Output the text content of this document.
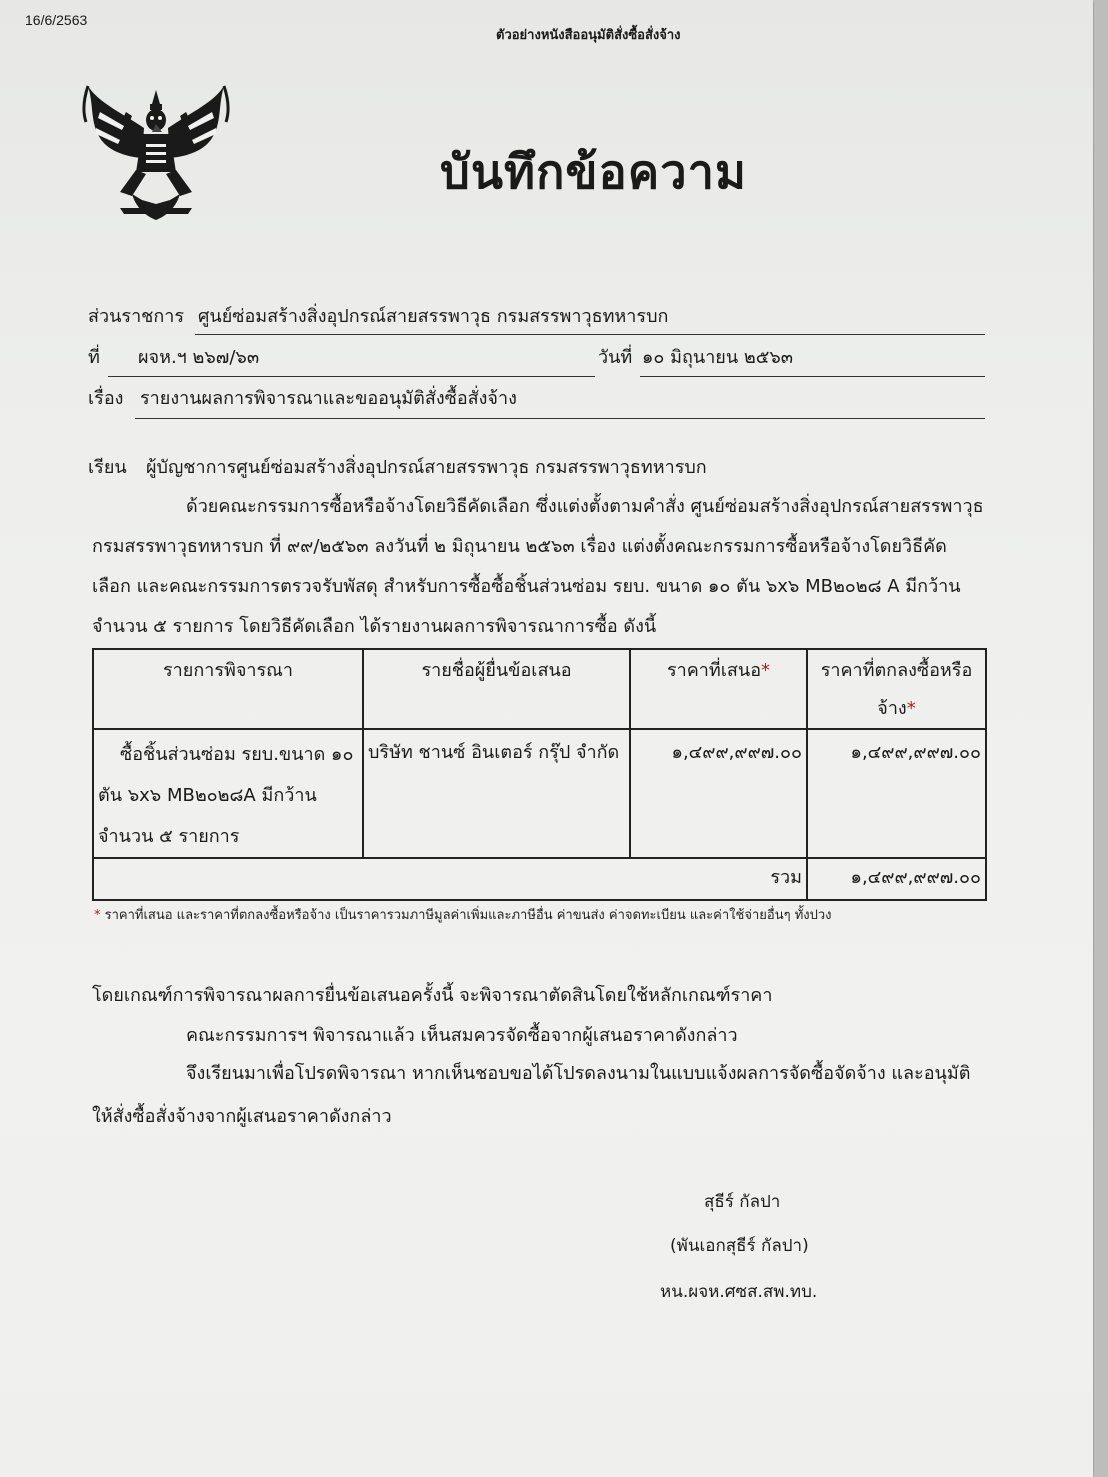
16/6/2563
ตัวอย่างหนังสืออนุมัติสั่งซื้อสั่งจ้าง
บันทึกข้อความ
ส่วนราชการ ศูนย์ซ่อมสร้างสิ่งอุปกรณ์สายสรรพาวุธ กรมสรรพาวุธทหารบก
ที่ ผจห.ฯ ๒๖๗/๖๓	วันที่ ๑๐ มิถุนายน ๒๕๖๓
เรื่อง รายงานผลการพิจารณาและขออนุมัติสั่งซื้อสั่งจ้าง
เรียน ผู้บัญชาการศูนย์ซ่อมสร้างสิ่งอุปกรณ์สายสรรพาวุธ กรมสรรพาวุธทหารบก
ด้วยคณะกรรมการซื้อหรือจ้างโดยวิธีคัดเลือก ซึ่งแต่งตั้งตามคำสั่ง ศูนย์ซ่อมสร้างสิ่งอุปกรณ์สายสรรพาวุธ
กรมสรรพาวุธทหารบก ที่ ๙๙/๒๕๖๓ ลงวันที่ ๒ มิถุนายน ๒๕๖๓ เรื่อง แต่งตั้งคณะกรรมการซื้อหรือจ้างโดยวิธีคัด
เลือก และคณะกรรมการตรวจรับพัสดุ สำหรับการซื้อซื้อชิ้นส่วนซ่อม รยบ. ขนาด ๑๐ ตัน ๖x๖ MB๒๐๒๘ A มีกว้าน
จำนวน ๕ รายการ โดยวิธีคัดเลือก ได้รายงานผลการพิจารณาการซื้อ ดังนี้
รายการพิจารณา	รายชื่อผู้ยื่นข้อเสนอ	ราคาที่เสนอ*	ราคาที่ตกลงซื้อหรือ
จ้าง*

ซื้อชิ้นส่วนซ่อม รยบ.ขนาด ๑๐
ตัน ๖x๖ MB๒๐๒๘A มีกว้าน
จำนวน ๕ รายการ	บริษัท ชานซ์ อินเตอร์ กรุ๊ป จำกัด	๑,๔๙๙,๙๙๗.๐๐	๑,๔๙๙,๙๙๗.๐๐
รวม			๑,๔๙๙,๙๙๗.๐๐
* ราคาที่เสนอ และราคาที่ตกลงซื้อหรือจ้าง เป็นราคารวมภาษีมูลค่าเพิ่มและภาษีอื่น ค่าขนส่ง ค่าจดทะเบียน และค่าใช้จ่ายอื่นๆ ทั้งปวง
โดยเกณฑ์การพิจารณาผลการยื่นข้อเสนอครั้งนี้ จะพิจารณาตัดสินโดยใช้หลักเกณฑ์ราคา
คณะกรรมการฯ พิจารณาแล้ว เห็นสมควรจัดซื้อจากผู้เสนอราคาดังกล่าว
จึงเรียนมาเพื่อโปรดพิจารณา หากเห็นชอบขอได้โปรดลงนามในแบบแจ้งผลการจัดซื้อจัดจ้าง และอนุมัติ
ให้สั่งซื้อสั่งจ้างจากผู้เสนอราคาดังกล่าว
สุธีร์ กัลปา
(พันเอกสุธีร์ กัลปา)
หน.ผจห.ศซส.สพ.ทบ.
